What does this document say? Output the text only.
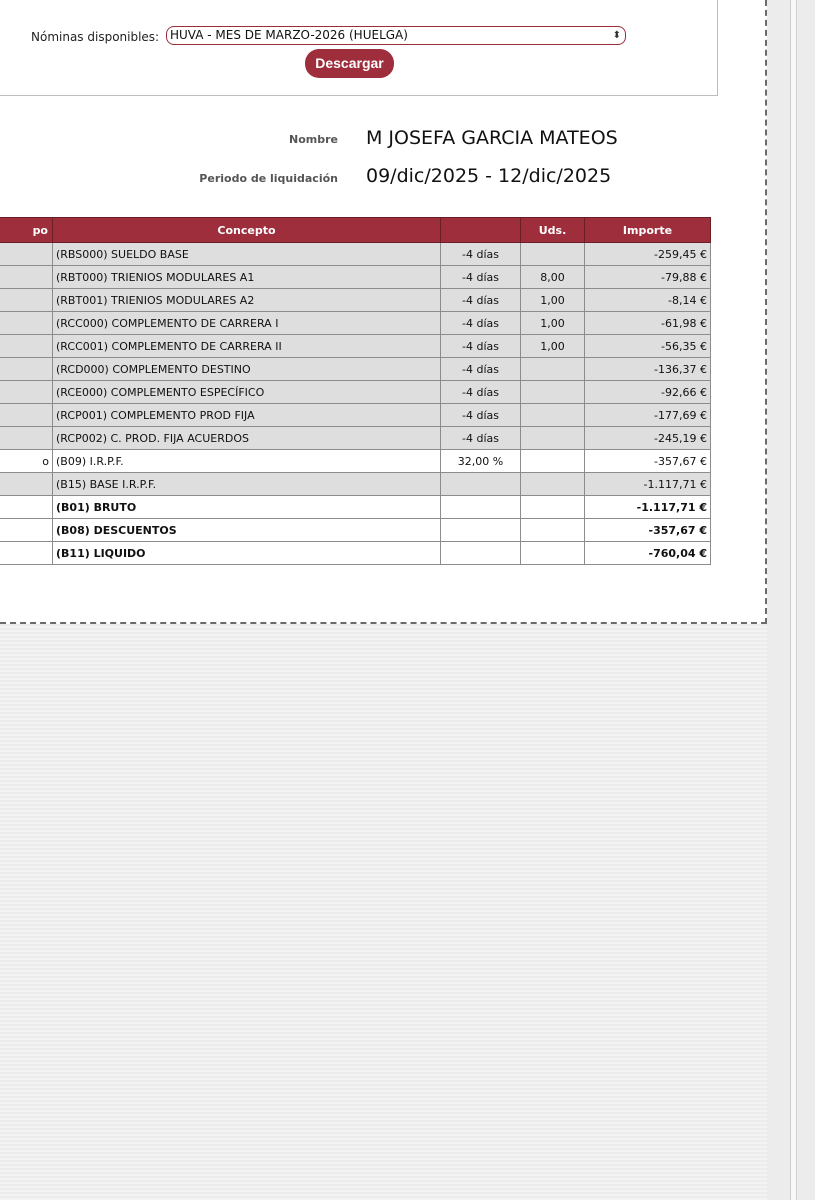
Nóminas disponibles: HUVA - MES DE MARZO-2026 (HUELGA)	⬍
Descargar
Nombre M JOSEFA GARCIA MATEOS
Periodo de liquidación 09/dic/2025 - 12/dic/2025
po	Concepto		Uds.	Importe
	(RBS000) SUELDO BASE	-4 días		-259,45 €
	(RBT000) TRIENIOS MODULARES A1	-4 días	8,00	-79,88 €
	(RBT001) TRIENIOS MODULARES A2	-4 días	1,00	-8,14 €
	(RCC000) COMPLEMENTO DE CARRERA I	-4 días	1,00	-61,98 €
	(RCC001) COMPLEMENTO DE CARRERA II	-4 días	1,00	-56,35 €
	(RCD000) COMPLEMENTO DESTINO	-4 días		-136,37 €
	(RCE000) COMPLEMENTO ESPECÍFICO	-4 días		-92,66 €
	(RCP001) COMPLEMENTO PROD FIJA	-4 días		-177,69 €
	(RCP002) C. PROD. FIJA ACUERDOS	-4 días		-245,19 €
o	(B09) I.R.P.F.	32,00 %		-357,67 €
	(B15) BASE I.R.P.F.			-1.117,71 €
	(B01) BRUTO			-1.117,71 €
	(B08) DESCUENTOS			-357,67 €
	(B11) LIQUIDO			-760,04 €
